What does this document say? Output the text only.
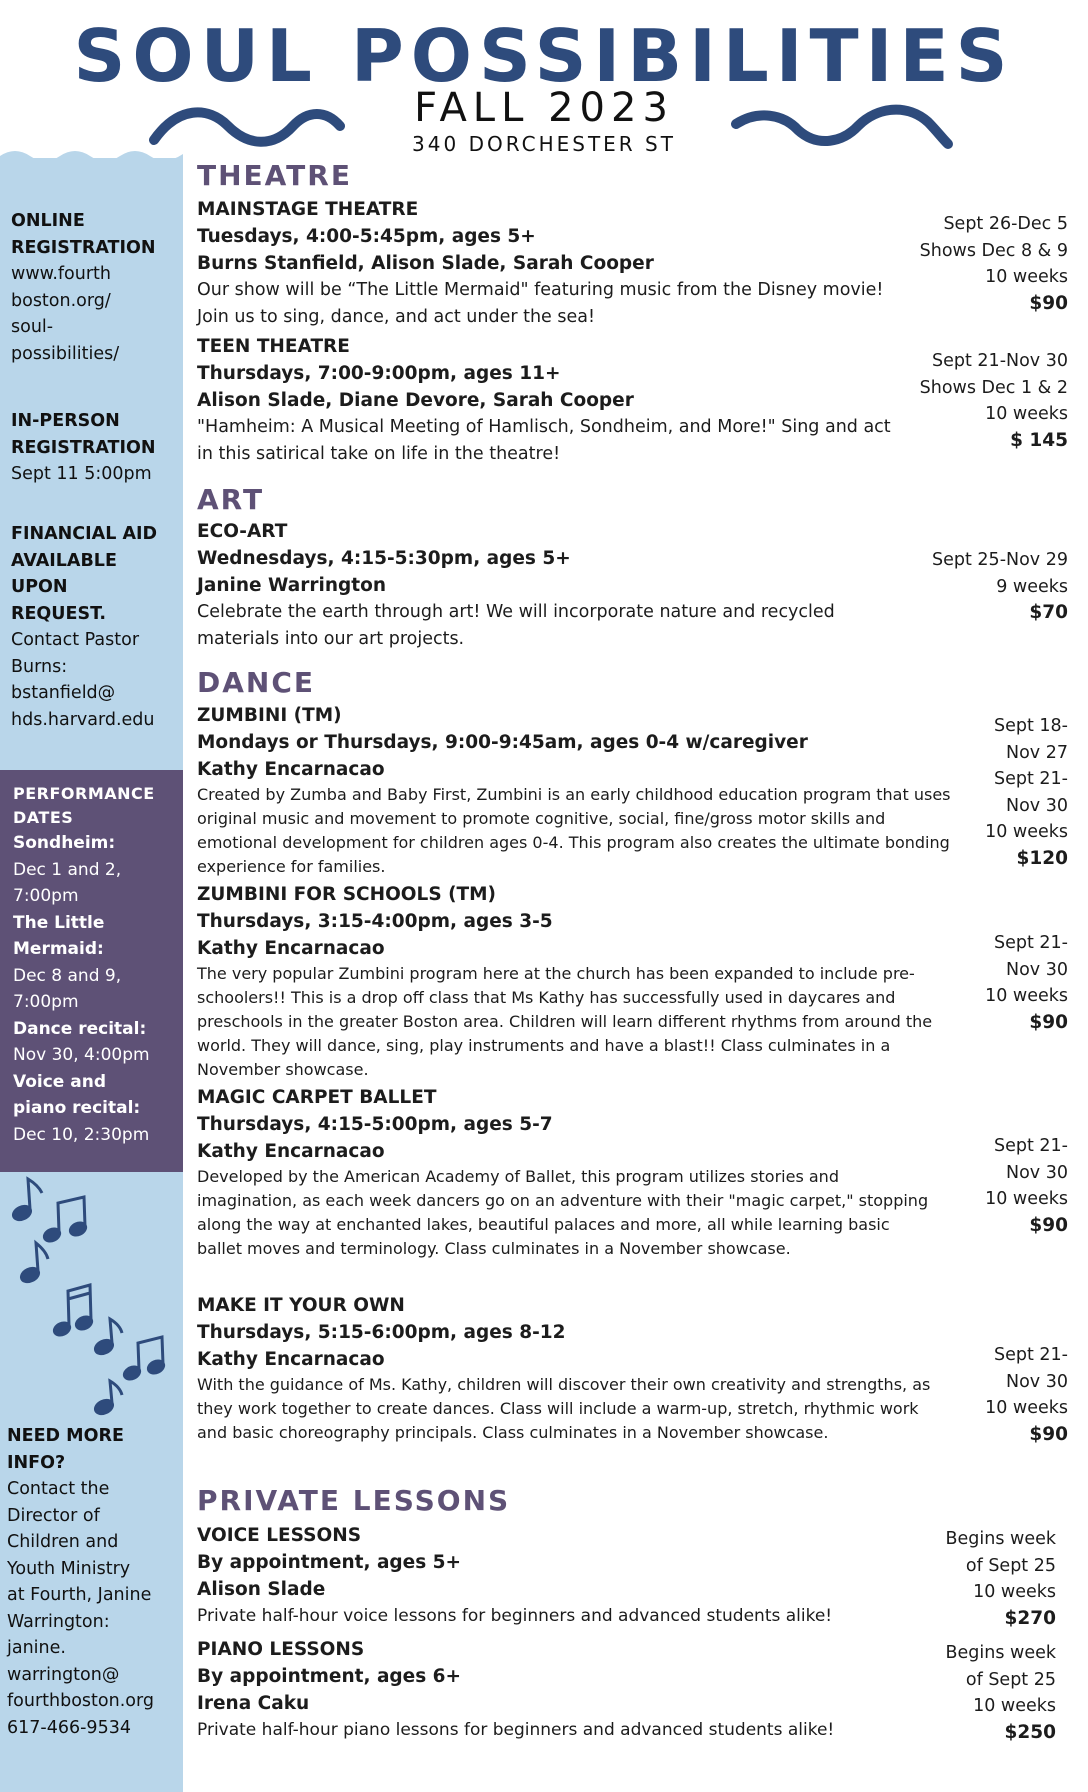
SOUL POSSIBILITIES
FALL 2023
340 DORCHESTER ST
ONLINE
REGISTRATION
www.fourth
boston.org/
soul-
possibilities/
IN-PERSON
REGISTRATION
Sept 11 5:00pm
FINANCIAL AID
AVAILABLE
UPON
REQUEST.
Contact Pastor
Burns:
bstanfield@
hds.harvard.edu
PERFORMANCE
DATES
Sondheim:
Dec 1 and 2,
7:00pm
The Little
Mermaid:
Dec 8 and 9,
7:00pm
Dance recital:
Nov 30, 4:00pm
Voice and
piano recital:
Dec 10, 2:30pm
NEED MORE
INFO?
Contact the
Director of
Children and
Youth Ministry
at Fourth, Janine
Warrington:
janine.
warrington@
fourthboston.org
617-466-9534
THEATRE
MAINSTAGE THEATRE
Tuesdays, 4:00-5:45pm, ages 5+
Burns Stanfield, Alison Slade, Sarah Cooper
Our show will be “The Little Mermaid" featuring music from the Disney movie! Join us to sing, dance, and act under the sea!
Sept 26-Dec 5
Shows Dec 8 & 9
10 weeks
$90
TEEN THEATRE
Thursdays, 7:00-9:00pm, ages 11+
Alison Slade, Diane Devore, Sarah Cooper
"Hamheim: A Musical Meeting of Hamlisch, Sondheim, and More!" Sing and act in this satirical take on life in the theatre!
Sept 21-Nov 30
Shows Dec 1 & 2
10 weeks
$ 145
ART
ECO-ART
Wednesdays, 4:15-5:30pm, ages 5+
Janine Warrington
Celebrate the earth through art! We will incorporate nature and recycled materials into our art projects.
Sept 25-Nov 29
9 weeks
$70
DANCE
ZUMBINI (TM)
Mondays or Thursdays, 9:00-9:45am, ages 0-4 w/caregiver
Kathy Encarnacao
Created by Zumba and Baby First, Zumbini is an early childhood education program that uses original music and movement to promote cognitive, social, fine/gross motor skills and emotional development for children ages 0-4. This program also creates the ultimate bonding experience for families.
Sept 18-
Nov 27
Sept 21-
Nov 30
10 weeks
$120
ZUMBINI FOR SCHOOLS (TM)
Thursdays, 3:15-4:00pm, ages 3-5
Kathy Encarnacao
The very popular Zumbini program here at the church has been expanded to include pre-schoolers!! This is a drop off class that Ms Kathy has successfully used in daycares and preschools in the greater Boston area. Children will learn different rhythms from around the world. They will dance, sing, play instruments and have a blast!! Class culminates in a November showcase.
Sept 21-
Nov 30
10 weeks
$90
MAGIC CARPET BALLET
Thursdays, 4:15-5:00pm, ages 5-7
Kathy Encarnacao
Developed by the American Academy of Ballet, this program utilizes stories and imagination, as each week dancers go on an adventure with their "magic carpet," stopping along the way at enchanted lakes, beautiful palaces and more, all while learning basic ballet moves and terminology. Class culminates in a November showcase.
Sept 21-
Nov 30
10 weeks
$90
MAKE IT YOUR OWN
Thursdays, 5:15-6:00pm, ages 8-12
Kathy Encarnacao
With the guidance of Ms. Kathy, children will discover their own creativity and strengths, as they work together to create dances. Class will include a warm-up, stretch, rhythmic work and basic choreography principals. Class culminates in a November showcase.
Sept 21-
Nov 30
10 weeks
$90
PRIVATE LESSONS
VOICE LESSONS
By appointment, ages 5+
Alison Slade
Private half-hour voice lessons for beginners and advanced students alike!
Begins week
of Sept 25
10 weeks
$270
PIANO LESSONS
By appointment, ages 6+
Irena Caku
Private half-hour piano lessons for beginners and advanced students alike!
Begins week
of Sept 25
10 weeks
$250
